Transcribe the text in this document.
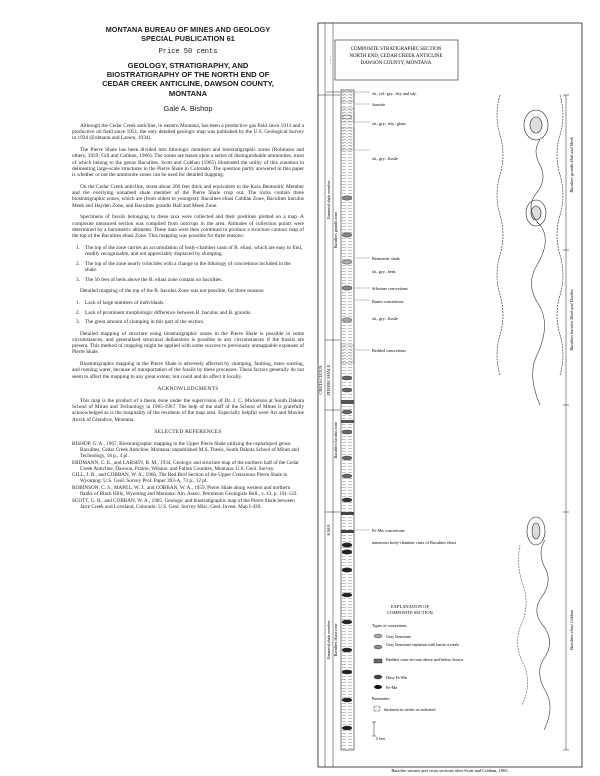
MONTANA BUREAU OF MINES AND GEOLOGY
SPECIAL PUBLICATION 61
Price 50 cents
GEOLOGY, STRATIGRAPHY, AND
BIOSTRATIGRAPHY OF THE NORTH END OF
CEDAR CREEK ANTICLINE, DAWSON COUNTY,
MONTANA
Gale A. Bishop

Although the Cedar Creek anticline, in eastern Montana, has been a productive gas field since 1913 and a productive oil field since 1951, the only detailed geologic map was published by the U.S. Geological Survey in 1934 (Erdmann and Larsen, 1934).

The Pierre Shale has been divided into lithologic members and biostratigraphic zones (Robinson and others, 1959; Gill and Cobban, 1966). The zones are based upon a series of distinguishable ammonites, most of which belong to the genus Baculites. Scott and Cobban (1965) illustrated the utility of this zonation in delineating large-scale structures in the Pierre Shale in Colorado. The question partly answered in this paper is whether or not the ammonite zones can be used for detailed mapping.

On the Cedar Creek anticline, strata about 200 feet thick and equivalent to the Kara Bentonitic Member and the overlying unnamed shale member of the Pierre Shale crop out. The rocks contain three biostratigraphic zones, which are (from oldest to youngest): Baculites eliasi Cobban Zone, Baculites baculus Meek and Hayden Zone, and Baculites grandis Hall and Meek Zone.

Specimens of fossils belonging to these taxa were collected and their positions plotted on a map. A composite measured section was compiled from outcrops in the area. Altitudes of collection points were determined by a barometric altimeter. These data were then combined to produce a structure contour map of the top of the Baculites eliasi Zone. This mapping was possible for three reasons:

1. The top of the zone carries an accumulation of body-chamber casts of B. eliasi, which are easy to find, readily recognizable, and not appreciably displaced by slumping.
2. The top of the zone nearly coincides with a change in the lithology of concretions included in the shale.
3. The 50 feet of beds above the B. eliasi zone contain no baculites.

Detailed mapping of the top of the B. baculus Zone was not possible, for three reasons:

1. Lack of large numbers of individuals.
2. Lack of prominent morphologic difference between B. baculus and B. grandis.
3. The great amount of slumping in this part of the section.

Detailed mapping of structure using biostratigraphic zones in the Pierre Shale is possible in some circumstances, and generalized structural delineation is possible in any circumstances if the fossils are present. This method of mapping might be applied with some success to previously unmappable expanses of Pierre Shale.

Biostratigraphic mapping in the Pierre Shale is adversely affected by slumping, faulting, mass wasting, and running water, because of transportation of the fossils by these processes. These factors generally do not seem to affect the mapping to any great extent, but could and do affect it locally.

ACKNOWLEDGMENTS

This map is the product of a thesis done under the supervision of Dr. J. C. Mickelson at South Dakota School of Mines and Technology in 1965-1967. The help of the staff of the School of Mines is gratefully acknowledged as is the hospitality of the residents of the map area. Especially helpful were Art and Maxine Anvik of Glendive, Montana.

SELECTED REFERENCES
BISHOP, G. A., 1967, Biostratigraphic mapping in the Upper Pierre Shale utilizing the cephalopod genus Baculites, Cedar Creek Anticline, Montana: unpublished M.S. Thesis, South Dakota School of Mines and Technology, 18 p., 4 pl.
ERDMANN, C. E., and LARSEN, R. M., 1934, Geologic and structure map of the northern half of the Cedar Creek Anticline, Dawson, Prairie, Wibaux, and Fallon Counties, Montana: U.S. Geol. Survey.
GILL, J. R., and COBBAN, W. A., 1966, The Red Bird Section of the Upper Cretaceous Pierre Shale in Wyoming: U.S. Geol. Survey Prof. Paper 393-A, 73 p., 12 pl.
ROBINSON, C. S., MAPEL, W. J., and COBBAN, W. A., 1959, Pierre Shale along western and northern flanks of Black Hills, Wyoming and Montana: Am. Assoc. Petroleum Geologists Bull., v. 43, p. 101-123.
SCOTT, G. R., and COBBAN, W. A., 1965, Geologic and biostratigraphic map of the Pierre Shale between Jarre Creek and Loveland, Colorado: U.S. Geol. Survey Misc. Geol. Invest. Map I-439.
COMPOSITE STRATIGRAPHIC SECTION
NORTH END, CEDAR CREEK ANTICLINE
DAWSON COUNTY, MONTANA
_ _ _
CRETACEOUS PIERRE SHALE
Unnamed shale member
KARA
Unnamed shale member
Baculites grandis zone
Baculites baculus zone
Baculites eliasi zone
sh., yel.-gry., slty and sdy.
Jarosite
sh., gry., slty., glauc.
sh., gry., fissile
Bentonitic shale
sh., gry., bent.
Siltstone concretions
Barite concretions
sh., gry., fissile
Bedded concretions
Fe-Mn concretions
numerous body-chamber casts of Baculites eliasi
Baculites grandis Hall and Meek
Baculites baculus Meek and Hayden
Baculites eliasi Cobban
EXPLANATION OF
COMPOSITE SECTION
Types of concretions
Gray limestone
Gray limestone septarian with barite crystals
Bedded, cone-in-cone above and below, brown
Dirty Fe-Mn
Fe-Mn
Bentonites
thickness in inches as indicated
5 feet
Baculite sutures and cross sections after Scott and Cobban, 1965.
